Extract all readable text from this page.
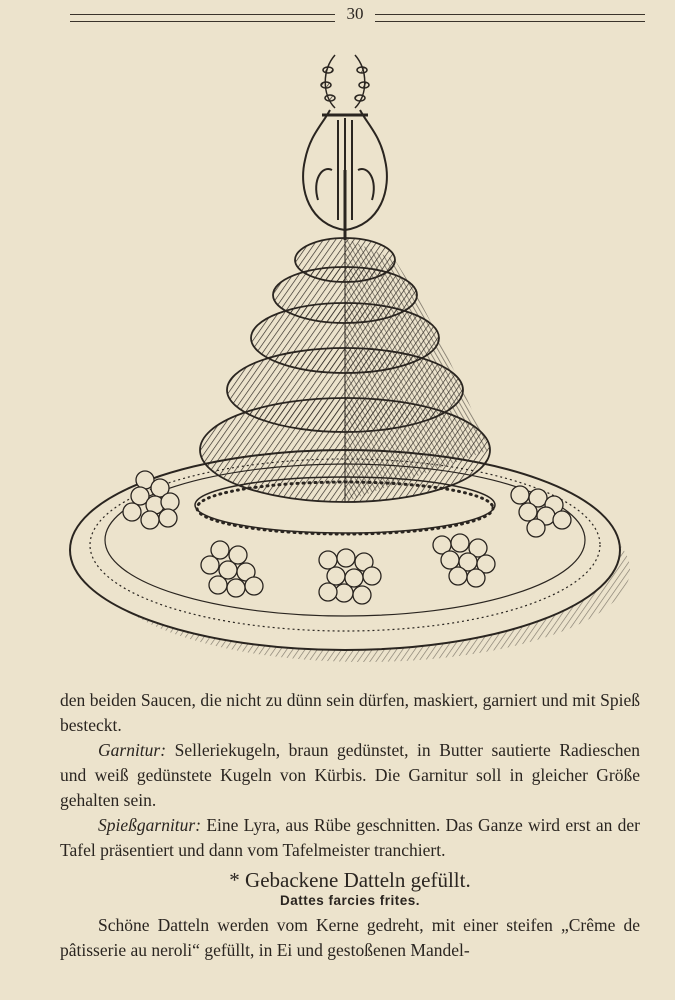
30

den beiden Saucen, die nicht zu dünn sein dürfen, maskiert, garniert und mit Spieß besteckt.

Garnitur: Selleriekugeln, braun gedünstet, in Butter sautierte Radieschen und weiß gedünstete Kugeln von Kürbis. Die Garnitur soll in gleicher Größe gehalten sein.

Spießgarnitur: Eine Lyra, aus Rübe geschnitten. Das Ganze wird erst an der Tafel präsentiert und dann vom Tafelmeister tranchiert.

* Gebackene Datteln gefüllt.
Dattes farcies frites.

Schöne Datteln werden vom Kerne gedreht, mit einer steifen „Crême de pâtisserie au neroli“ gefüllt, in Ei und gestoßenen Mandel-
